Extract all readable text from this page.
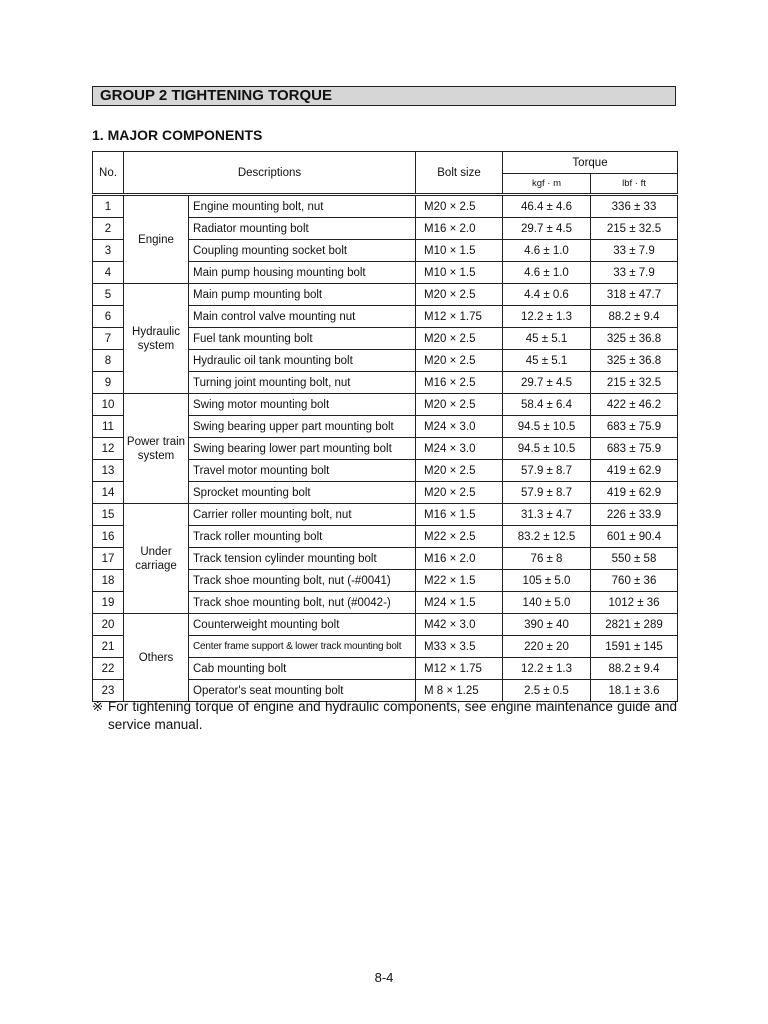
GROUP 2 TIGHTENING TORQUE
1. MAJOR COMPONENTS
No.	Descriptions		Bolt size	Torque	
				kgf · m	lbf · ft
1	Engine	Engine mounting bolt, nut	M20 × 2.5	46.4 ± 4.6	336 ± 33
2		Radiator mounting bolt	M16 × 2.0	29.7 ± 4.5	215 ± 32.5
3		Coupling mounting socket bolt	M10 × 1.5	4.6 ± 1.0	33 ± 7.9
4		Main pump housing mounting bolt	M10 × 1.5	4.6 ± 1.0	33 ± 7.9
5	Hydraulic system	Main pump mounting bolt	M20 × 2.5	4.4 ± 0.6	318 ± 47.7
6		Main control valve mounting nut	M12 × 1.75	12.2 ± 1.3	88.2 ± 9.4
7		Fuel tank mounting bolt	M20 × 2.5	45 ± 5.1	325 ± 36.8
8		Hydraulic oil tank mounting bolt	M20 × 2.5	45 ± 5.1	325 ± 36.8
9		Turning joint mounting bolt, nut	M16 × 2.5	29.7 ± 4.5	215 ± 32.5
10	Power train system	Swing motor mounting bolt	M20 × 2.5	58.4 ± 6.4	422 ± 46.2
11		Swing bearing upper part mounting bolt	M24 × 3.0	94.5 ± 10.5	683 ± 75.9
12		Swing bearing lower part mounting bolt	M24 × 3.0	94.5 ± 10.5	683 ± 75.9
13		Travel motor mounting bolt	M20 × 2.5	57.9 ± 8.7	419 ± 62.9
14		Sprocket mounting bolt	M20 × 2.5	57.9 ± 8.7	419 ± 62.9
15	Under carriage	Carrier roller mounting bolt, nut	M16 × 1.5	31.3 ± 4.7	226 ± 33.9
16		Track roller mounting bolt	M22 × 2.5	83.2 ± 12.5	601 ± 90.4
17		Track tension cylinder mounting bolt	M16 × 2.0	76 ± 8	550 ± 58
18		Track shoe mounting bolt, nut (-#0041)	M22 × 1.5	105 ± 5.0	760 ± 36
19		Track shoe mounting bolt, nut (#0042-)	M24 × 1.5	140 ± 5.0	1012 ± 36
20	Others	Counterweight mounting bolt	M42 × 3.0	390 ± 40	2821 ± 289
21		Center frame support & lower track mounting bolt	M33 × 3.5	220 ± 20	1591 ± 145
22		Cab mounting bolt	M12 × 1.75	12.2 ± 1.3	88.2 ± 9.4
23		Operator's seat mounting bolt	M 8 × 1.25	2.5 ± 0.5	18.1 ± 3.6
※ For tightening torque of engine and hydraulic components, see engine maintenance guide and service manual.
8-4
